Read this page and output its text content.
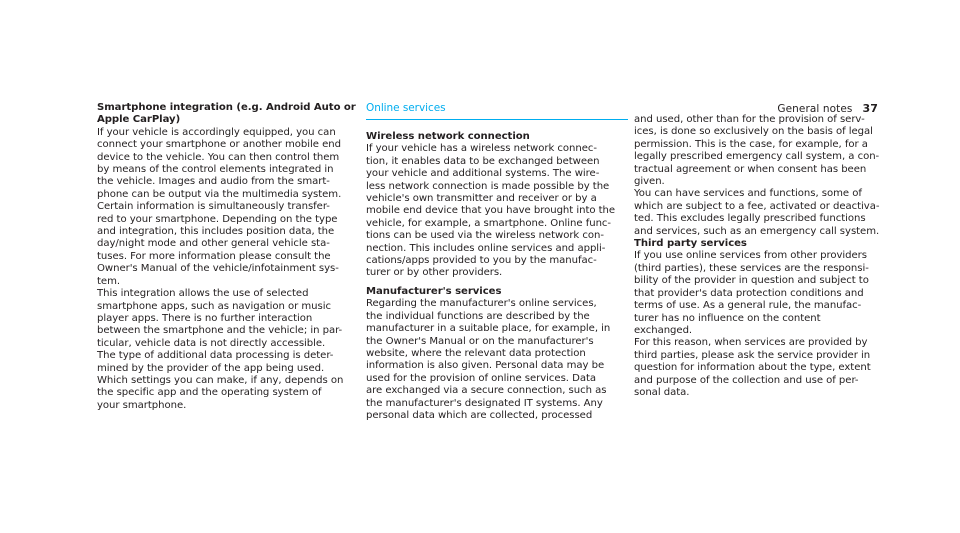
General notes 37
Smartphone integration (e.g. Android Auto or
Apple CarPlay)

If your vehicle is accordingly equipped, you can
connect your smartphone or another mobile end
device to the vehicle. You can then control them
by means of the control elements integrated in
the vehicle. Images and audio from the smart-
phone can be output via the multimedia system.
Certain information is simultaneously transfer-
red to your smartphone. Depending on the type
and integration, this includes position data, the
day/night mode and other general vehicle sta-
tuses. For more information please consult the
Owner's Manual of the vehicle/infotainment sys-
tem.

This integration allows the use of selected
smartphone apps, such as navigation or music
player apps. There is no further interaction
between the smartphone and the vehicle; in par-
ticular, vehicle data is not directly accessible.
The type of additional data processing is deter-
mined by the provider of the app being used.
Which settings you can make, if any, depends on
the specific app and the operating system of
your smartphone.

Online services
Wireless network connection

If your vehicle has a wireless network connec-
tion, it enables data to be exchanged between
your vehicle and additional systems. The wire-
less network connection is made possible by the
vehicle's own transmitter and receiver or by a
mobile end device that you have brought into the
vehicle, for example, a smartphone. Online func-
tions can be used via the wireless network con-
nection. This includes online services and appli-
cations/apps provided to you by the manufac-
turer or by other providers.

Manufacturer's services

Regarding the manufacturer's online services,
the individual functions are described by the
manufacturer in a suitable place, for example, in
the Owner's Manual or on the manufacturer's
website, where the relevant data protection
information is also given. Personal data may be
used for the provision of online services. Data
are exchanged via a secure connection, such as
the manufacturer's designated IT systems. Any
personal data which are collected, processed

and used, other than for the provision of serv-
ices, is done so exclusively on the basis of legal
permission. This is the case, for example, for a
legally prescribed emergency call system, a con-
tractual agreement or when consent has been
given.

You can have services and functions, some of
which are subject to a fee, activated or deactiva-
ted. This excludes legally prescribed functions
and services, such as an emergency call system.

Third party services

If you use online services from other providers
(third parties), these services are the responsi-
bility of the provider in question and subject to
that provider's data protection conditions and
terms of use. As a general rule, the manufac-
turer has no influence on the content
exchanged.

For this reason, when services are provided by
third parties, please ask the service provider in
question for information about the type, extent
and purpose of the collection and use of per-
sonal data.
